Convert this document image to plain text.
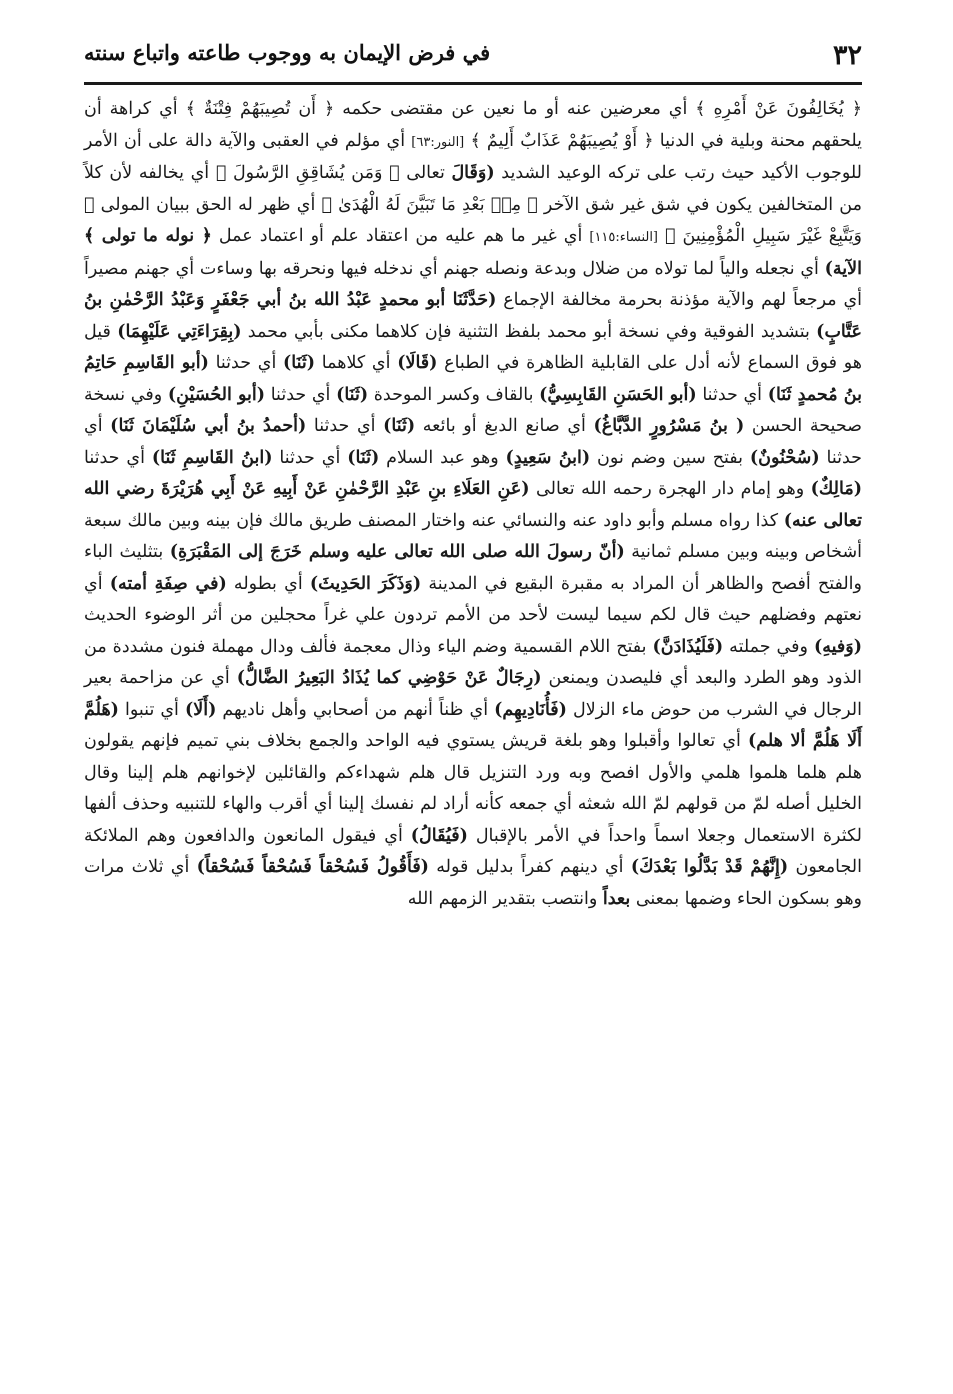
٣٢
في فرض الإيمان به ووجوب طاعته واتباع سنته

﴿ يُخَالِفُونَ عَنْ أَمْرِهِ ﴾ أي معرضين عنه أو ما نعين عن مقتضى حكمه ﴿ أَن تُصِيبَهُمْ فِتْنَةٌ ﴾ أي كراهة أن يلحقهم محنة وبلية في الدنيا ﴿ أَوْ يُصِيبَهُمْ عَذَابٌ أَلِيمٌ ﴾ [النور:٦٣] أي مؤلم في العقبى والآية دالة على أن الأمر للوجوب الأكيد حيث رتب على تركه الوعيد الشديد (وَقَالَ تعالى ﴿ وَمَن يُشَاقِقِ الرَّسُولَ ﴾ أي يخالفه لأن كلاً من المتخالفين يكون في شق غير شق الآخر ﴿ مِنۢ بَعْدِ مَا تَبَيَّنَ لَهُ الْهُدَىٰ ﴾ أي ظهر له الحق ببيان المولى ﴿ وَيَتَّبِعْ غَيْرَ سَبِيلِ الْمُؤْمِنِينَ ﴾ [النساء:١١٥] أي غير ما هم عليه من اعتقاد علم أو اعتماد عمل ﴿ نوله ما تولى ﴾ الآية) أي نجعله والياً لما تولاه من ضلال وبدعة ونصله جهنم أي ندخله فيها ونحرقه بها وساءت أي جهنم مصيراً أي مرجعاً لهم والآية مؤذنة بحرمة مخالفة الإجماع (حَدَّثَنَا أبو محمدٍ عَبْدُ الله بنُ أبي جَعْفَرٍ وَعَبْدُ الرَّحْمٰنِ بنُ عَتَّابٍ) بتشديد الفوقية وفي نسخة أبو محمد بلفظ التثنية فإن كلاهما مكنى بأبي محمد (بِقِرَاءَتِي عَلَيْهِمَا) قيل هو فوق السماع لأنه أدل على القابلية الظاهرة في الطباع (قَالَا) أي كلاهما (ثَنَا) أي حدثنا (أبو القَاسِمِ حَاتِمُ بنُ مُحمدٍ ثَنَا) أي حدثنا (أبو الحَسَنِ القَابِسِيُّ) بالقاف وكسر الموحدة (ثَنَا) أي حدثنا (أبو الحُسَيْنِ) وفي نسخة صحيحة الحسن ( بنُ مَسْرُورٍ الدَّبَّاغُ) أي صانع الدبغ أو بائعه (ثَنَا) أي حدثنا (أحمدُ بنُ أبي سُلَيْمَانَ ثَنَا) أي حدثنا (سُحْنُونٌ) بفتح سين وضم نون (ابنُ سَعِيدٍ) وهو عبد السلام (ثَنَا) أي حدثنا (ابنُ القَاسِمِ ثَنَا) أي حدثنا (مَالِكٌ) وهو إمام دار الهجرة رحمه الله تعالى (عَنِ العَلَاءِ بنِ عَبْدِ الرَّحْمٰنِ عَنْ أَبِيهِ عَنْ أَبِي هُرَيْرَةَ رضي الله تعالى عنه) كذا رواه مسلم وأبو داود عنه والنسائي عنه واختار المصنف طريق مالك فإن بينه وبين مالك سبعة أشخاص وبينه وبين مسلم ثمانية (أنّ رسولَ الله صلى الله تعالى عليه وسلم خَرَجَ إلى المَقْبَرَةِ) بتثليث الباء والفتح أفصح والظاهر أن المراد به مقبرة البقيع في المدينة (وَذَكَرَ الحَدِيثَ) أي بطوله (في صِفَةِ أمته) أي نعتهم وفضلهم حيث قال لكم سيما ليست لأحد من الأمم تردون علي غراً محجلين من أثر الوضوء الحديث (وَفيهِ) وفي جملته (فَلَيُذَادَنَّ) بفتح اللام القسمية وضم الياء وذال معجمة فألف ودال مهملة فنون مشددة من الذود وهو الطرد والبعد أي فليصدن ويمنعن (رِجَالٌ عَنْ حَوْضِي كما يُذَادُ البَعِيرُ الضَّالُّ) أي عن مزاحمة بعير الرجال في الشرب من حوض ماء الزلال (فَأُنَادِيهِم) أي ظناً أنهم من أصحابي وأهل ناديهم (أَلَا) أي تنبوا (هَلُمَّ أَلَا هَلُمَّ ألا هلم) أي تعالوا وأقبلوا وهو بلغة قريش يستوي فيه الواحد والجمع بخلاف بني تميم فإنهم يقولون هلم هلما هلموا هلمي والأول افصح وبه ورد التنزيل قال هلم شهداءكم والقائلين لإخوانهم هلم إلينا وقال الخليل أصله لمّ من قولهم لمّ الله شعثه أي جمعه كأنه أراد لم نفسك إلينا أي أقرب والهاء للتنبيه وحذف ألفها لكثرة الاستعمال وجعلا اسماً واحداً في الأمر بالإقبال (فَيُقَالُ) أي فيقول المانعون والدافعون وهم الملائكة الجامعون (إِنَّهُمْ قَدْ بَدَّلُوا بَعْدَكَ) أي دينهم كفراً بدليل قوله (فَأَقُولُ فَسُحْقاً فَسُحْقاً فَسُحْقاً) أي ثلاث مرات وهو بسكون الحاء وضمها بمعنى بعداً وانتصب بتقدير الزمهم الله
